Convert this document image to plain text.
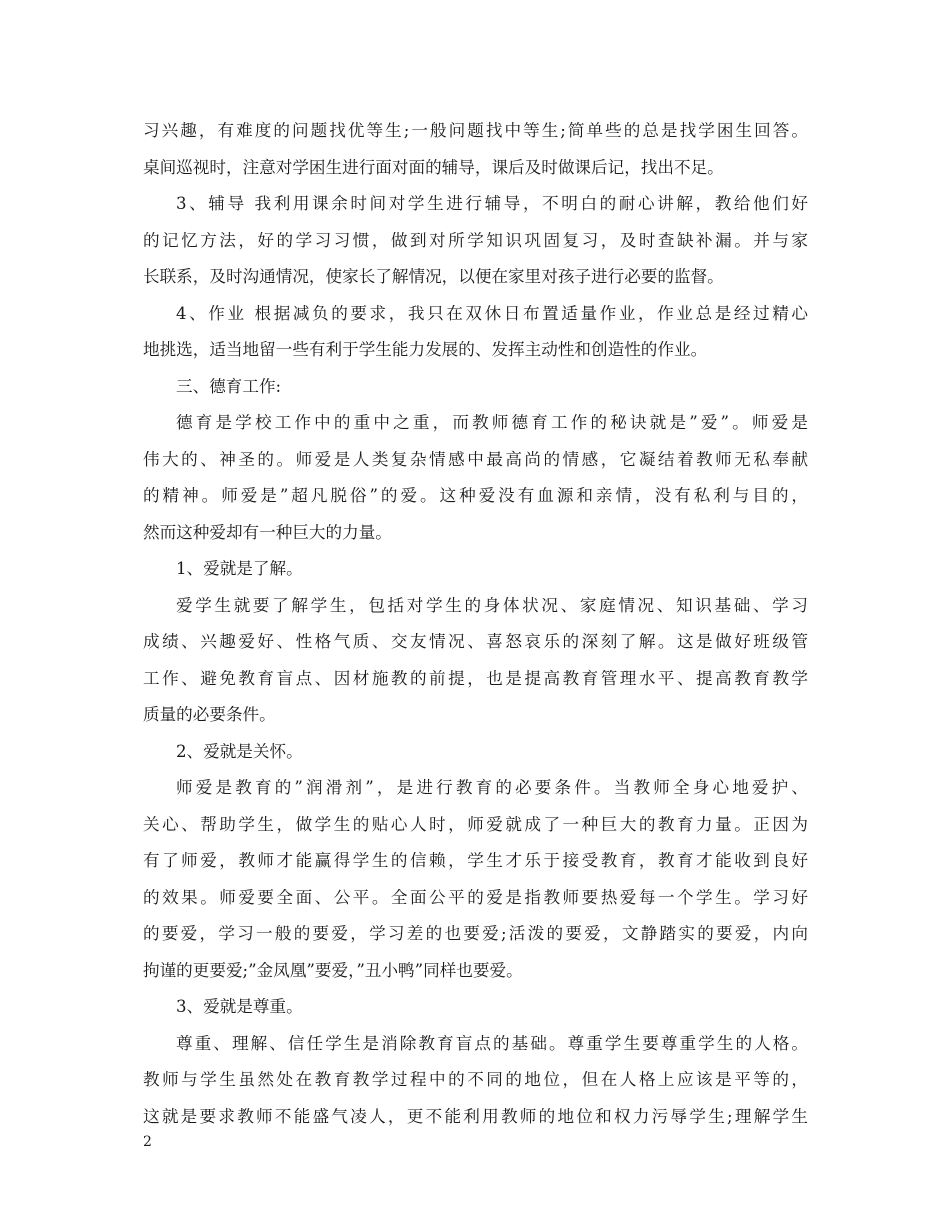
习兴趣，有难度的问题找优等生;一般问题找中等生;简单些的总是找学困生回答。
桌间巡视时，注意对学困生进行面对面的辅导，课后及时做课后记，找出不足。
3、辅导 我利用课余时间对学生进行辅导，不明白的耐心讲解，教给他们好
的记忆方法，好的学习习惯，做到对所学知识巩固复习，及时查缺补漏。并与家
长联系，及时沟通情况，使家长了解情况，以便在家里对孩子进行必要的监督。
4、作业 根据减负的要求，我只在双休日布置适量作业，作业总是经过精心
地挑选，适当地留一些有利于学生能力发展的、发挥主动性和创造性的作业。
三、德育工作:
德育是学校工作中的重中之重，而教师德育工作的秘诀就是”爱”。师爱是
伟大的、神圣的。师爱是人类复杂情感中最高尚的情感，它凝结着教师无私奉献
的精神。师爱是”超凡脱俗”的爱。这种爱没有血源和亲情，没有私利与目的，
然而这种爱却有一种巨大的力量。
1、爱就是了解。
爱学生就要了解学生，包括对学生的身体状况、家庭情况、知识基础、学习
成绩、兴趣爱好、性格气质、交友情况、喜怒哀乐的深刻了解。这是做好班级管
工作、避免教育盲点、因材施教的前提，也是提高教育管理水平、提高教育教学
质量的必要条件。
2、爱就是关怀。
师爱是教育的”润滑剂”，是进行教育的必要条件。当教师全身心地爱护、
关心、帮助学生，做学生的贴心人时，师爱就成了一种巨大的教育力量。正因为
有了师爱，教师才能赢得学生的信赖，学生才乐于接受教育，教育才能收到良好
的效果。师爱要全面、公平。全面公平的爱是指教师要热爱每一个学生。学习好
的要爱，学习一般的要爱，学习差的也要爱;活泼的要爱，文静踏实的要爱，内向
拘谨的更要爱;”金凤凰”要爱，”丑小鸭”同样也要爱。
3、爱就是尊重。
尊重、理解、信任学生是消除教育盲点的基础。尊重学生要尊重学生的人格。
教师与学生虽然处在教育教学过程中的不同的地位，但在人格上应该是平等的，
这就是要求教师不能盛气凌人，更不能利用教师的地位和权力污辱学生;理解学生
2
